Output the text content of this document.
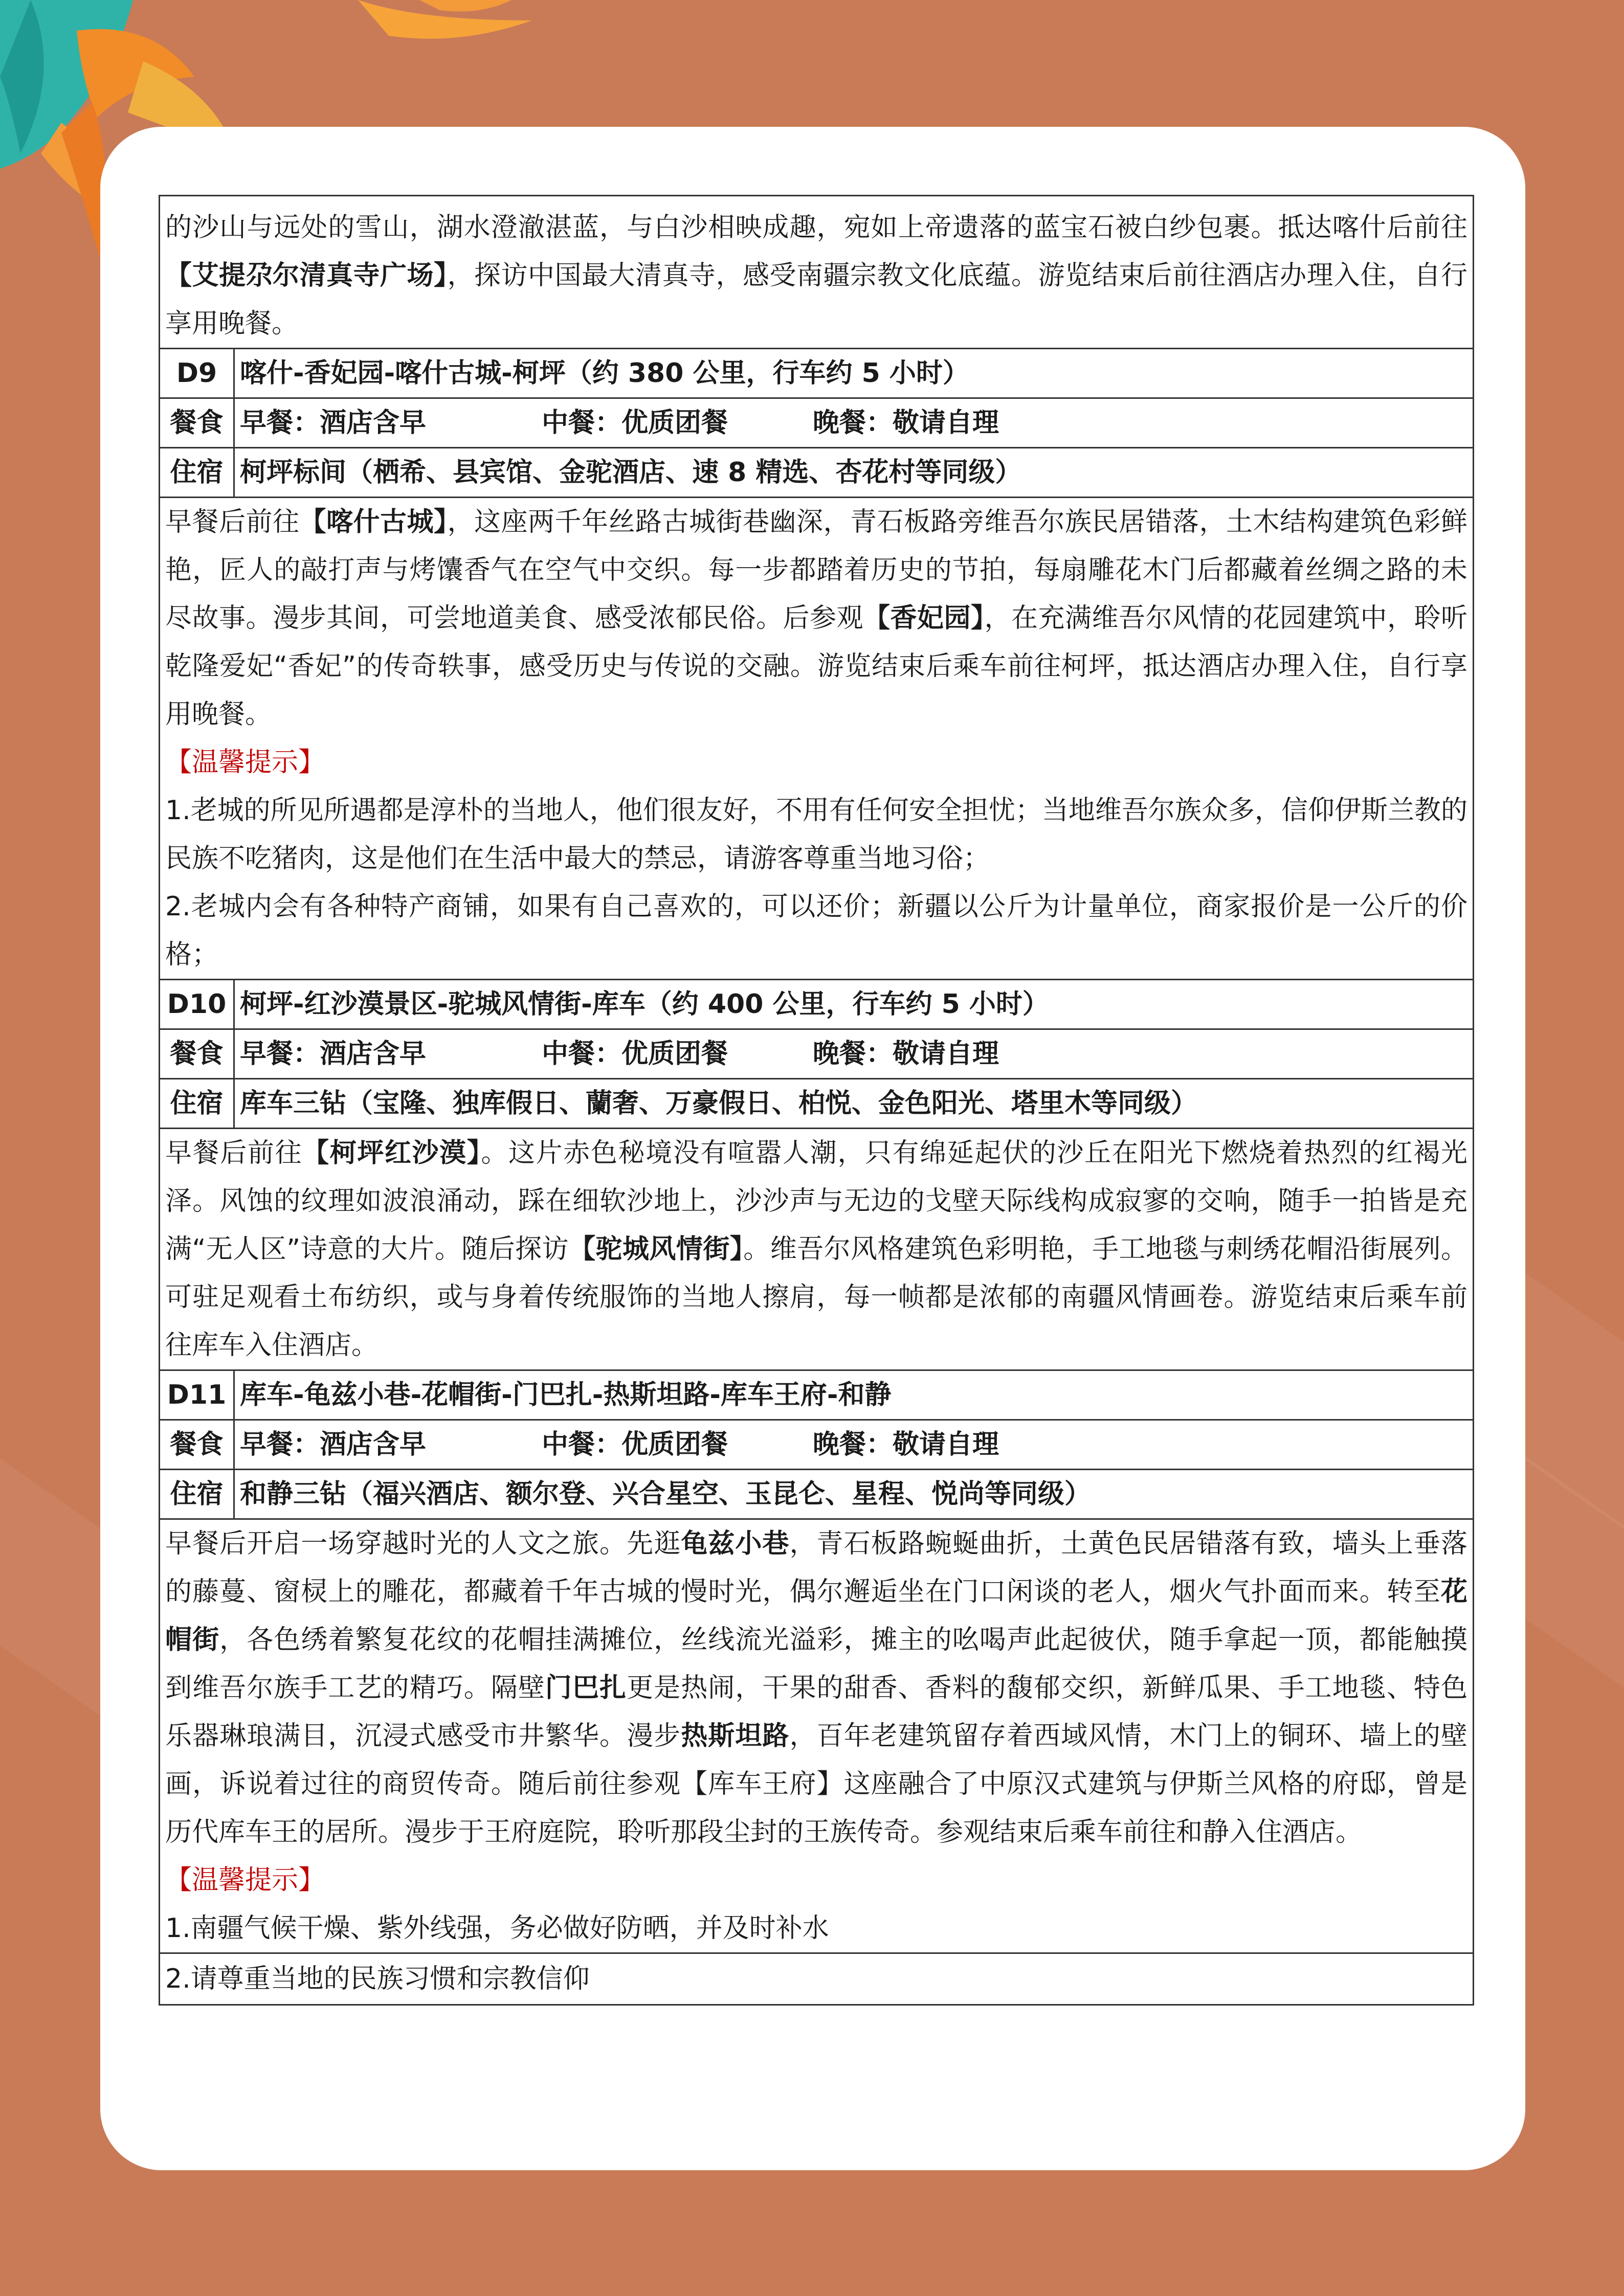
的沙山与远处的雪山，湖水澄澈湛蓝，与白沙相映成趣，宛如上帝遗落的蓝宝石被白纱包裹。抵达喀什后前往【艾提尕尔清真寺广场】，探访中国最大清真寺，感受南疆宗教文化底蕴。游览结束后前往酒店办理入住，自行享用晚餐。	
D9	喀什-香妃园-喀什古城-柯坪（约 380 公里，行车约 5 小时）
餐食	早餐：酒店含早 中餐：优质团餐 晚餐：敬请自理
住宿	柯坪标间（栖希、县宾馆、金驼酒店、速 8 精选、杏花村等同级）

早餐后前往【喀什古城】，这座两千年丝路古城街巷幽深，青石板路旁维吾尔族民居错落，土木结构建筑色彩鲜艳，匠人的敲打声与烤馕香气在空气中交织。每一步都踏着历史的节拍，每扇雕花木门后都藏着丝绸之路的未尽故事。漫步其间，可尝地道美食、感受浓郁民俗。后参观【香妃园】，在充满维吾尔风情的花园建筑中，聆听乾隆爱妃“香妃”的传奇轶事，感受历史与传说的交融。游览结束后乘车前往柯坪，抵达酒店办理入住，自行享用晚餐。
【温馨提示】
1.老城的所见所遇都是淳朴的当地人，他们很友好，不用有任何安全担忧；当地维吾尔族众多，信仰伊斯兰教的民族不吃猪肉，这是他们在生活中最大的禁忌，请游客尊重当地习俗；
2.老城内会有各种特产商铺，如果有自己喜欢的，可以还价；新疆以公斤为计量单位，商家报价是一公斤的价格；	

D10	柯坪-红沙漠景区-驼城风情街-库车（约 400 公里，行车约 5 小时）
餐食	早餐：酒店含早 中餐：优质团餐 晚餐：敬请自理
住宿	库车三钻（宝隆、独库假日、蘭奢、万豪假日、柏悦、金色阳光、塔里木等同级）

早餐后前往【柯坪红沙漠】。这片赤色秘境没有喧嚣人潮，只有绵延起伏的沙丘在阳光下燃烧着热烈的红褐光泽。风蚀的纹理如波浪涌动，踩在细软沙地上，沙沙声与无边的戈壁天际线构成寂寥的交响，随手一拍皆是充满“无人区”诗意的大片。随后探访【驼城风情街】。维吾尔风格建筑色彩明艳，手工地毯与刺绣花帽沿街展列。可驻足观看土布纺织，或与身着传统服饰的当地人擦肩，每一帧都是浓郁的南疆风情画卷。游览结束后乘车前往库车入住酒店。	

D11	库车-龟兹小巷-花帽街-门巴扎-热斯坦路-库车王府-和静
餐食	早餐：酒店含早 中餐：优质团餐 晚餐：敬请自理
住宿	和静三钻（福兴酒店、额尔登、兴合星空、玉昆仑、星程、悦尚等同级）

早餐后开启一场穿越时光的人文之旅。先逛龟兹小巷，青石板路蜿蜒曲折，土黄色民居错落有致，墙头上垂落的藤蔓、窗棂上的雕花，都藏着千年古城的慢时光，偶尔邂逅坐在门口闲谈的老人，烟火气扑面而来。转至花帽街，各色绣着繁复花纹的花帽挂满摊位，丝线流光溢彩，摊主的吆喝声此起彼伏，随手拿起一顶，都能触摸到维吾尔族手工艺的精巧。隔壁门巴扎更是热闹，干果的甜香、香料的馥郁交织，新鲜瓜果、手工地毯、特色乐器琳琅满目，沉浸式感受市井繁华。漫步热斯坦路，百年老建筑留存着西域风情，木门上的铜环、墙上的壁画，诉说着过往的商贸传奇。随后前往参观【库车王府】这座融合了中原汉式建筑与伊斯兰风格的府邸，曾是历代库车王的居所。漫步于王府庭院，聆听那段尘封的王族传奇。参观结束后乘车前往和静入住酒店。
【温馨提示】
1.南疆气候干燥、紫外线强，务必做好防晒，并及时补水	

2.请尊重当地的民族习惯和宗教信仰	
